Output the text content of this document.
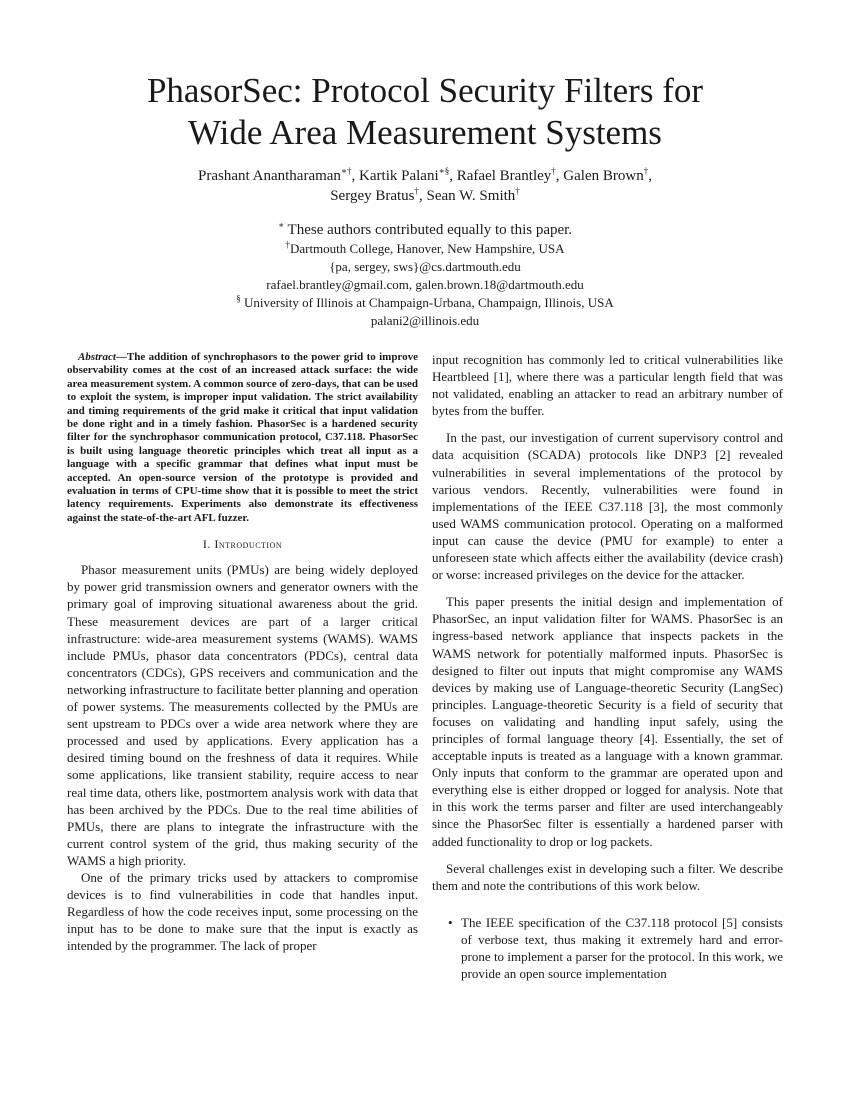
PhasorSec: Protocol Security Filters for
Wide Area Measurement Systems
Prashant Anantharaman∗†, Kartik Palani∗§, Rafael Brantley†, Galen Brown†,
Sergey Bratus†, Sean W. Smith†
∗ These authors contributed equally to this paper.
†Dartmouth College, Hanover, New Hampshire, USA
{pa, sergey, sws}@cs.dartmouth.edu
rafael.brantley@gmail.com, galen.brown.18@dartmouth.edu
§ University of Illinois at Champaign-Urbana, Champaign, Illinois, USA
palani2@illinois.edu

Abstract—The addition of synchrophasors to the power grid to improve observability comes at the cost of an increased attack surface: the wide area measurement system. A common source of zero-days, that can be used to exploit the system, is improper input validation. The strict availability and timing requirements of the grid make it critical that input validation be done right and in a timely fashion. PhasorSec is a hardened security filter for the synchrophasor communication protocol, C37.118. PhasorSec is built using language theoretic principles which treat all input as a language with a specific grammar that defines what input must be accepted. An open-source version of the prototype is provided and evaluation in terms of CPU-time show that it is possible to meet the strict latency requirements. Experiments also demonstrate its effectiveness against the state-of-the-art AFL fuzzer.

I. Introduction

Phasor measurement units (PMUs) are being widely deployed by power grid transmission owners and generator owners with the primary goal of improving situational awareness about the grid. These measurement devices are part of a larger critical infrastructure: wide-area measurement systems (WAMS). WAMS include PMUs, phasor data concentrators (PDCs), central data concentrators (CDCs), GPS receivers and communication and the networking infrastructure to facilitate better planning and operation of power systems. The measurements collected by the PMUs are sent upstream to PDCs over a wide area network where they are processed and used by applications. Every application has a desired timing bound on the freshness of data it requires. While some applications, like transient stability, require access to near real time data, others like, postmortem analysis work with data that has been archived by the PDCs. Due to the real time abilities of PMUs, there are plans to integrate the infrastructure with the current control system of the grid, thus making security of the WAMS a high priority.

One of the primary tricks used by attackers to compromise devices is to find vulnerabilities in code that handles input. Regardless of how the code receives input, some processing on the input has to be done to make sure that the input is exactly as intended by the programmer. The lack of proper

input recognition has commonly led to critical vulnerabilities like Heartbleed [1], where there was a particular length field that was not validated, enabling an attacker to read an arbitrary number of bytes from the buffer.

In the past, our investigation of current supervisory control and data acquisition (SCADA) protocols like DNP3 [2] revealed vulnerabilities in several implementations of the protocol by various vendors. Recently, vulnerabilities were found in implementations of the IEEE C37.118 [3], the most commonly used WAMS communication protocol. Operating on a malformed input can cause the device (PMU for example) to enter a unforeseen state which affects either the availability (device crash) or worse: increased privileges on the device for the attacker.

This paper presents the initial design and implementation of PhasorSec, an input validation filter for WAMS. PhasorSec is an ingress-based network appliance that inspects packets in the WAMS network for potentially malformed inputs. PhasorSec is designed to filter out inputs that might compromise any WAMS devices by making use of Language-theoretic Security (LangSec) principles. Language-theoretic Security is a field of security that focuses on validating and handling input safely, using the principles of formal language theory [4]. Essentially, the set of acceptable inputs is treated as a language with a known grammar. Only inputs that conform to the grammar are operated upon and everything else is either dropped or logged for analysis. Note that in this work the terms parser and filter are used interchangeably since the PhasorSec filter is essentially a hardened parser with added functionality to drop or log packets.

Several challenges exist in developing such a filter. We describe them and note the contributions of this work below.

• The IEEE specification of the C37.118 protocol [5] consists of verbose text, thus making it extremely hard and error-prone to implement a parser for the protocol. In this work, we provide an open source implementation
